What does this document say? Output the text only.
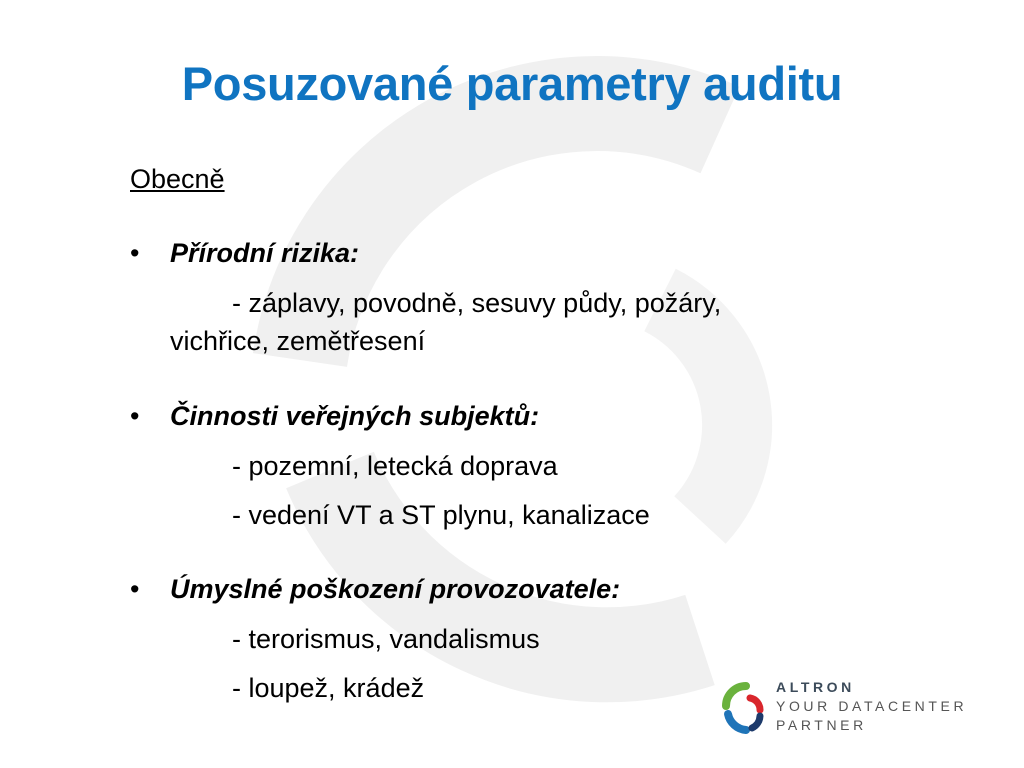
Posuzované parametry auditu
Obecně
• Přírodní rizika:
- záplavy, povodně, sesuvy půdy, požáry,
vichřice, zemětřesení
• Činnosti veřejných subjektů:
- pozemní, letecká doprava
- vedení VT a ST plynu, kanalizace
• Úmyslné poškození provozovatele:
- terorismus, vandalismus
- loupež, krádež	ALTRON
YOUR DATACENTER
PARTNER
